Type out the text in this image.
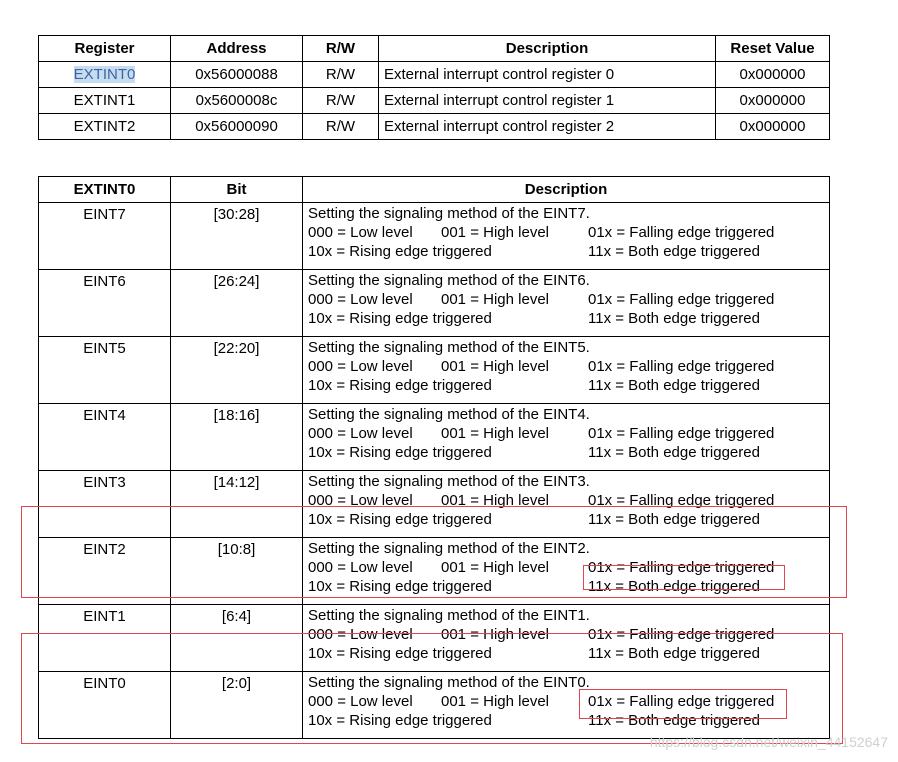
Register	Address	R/W	Description	Reset Value
EXTINT0	0x56000088	R/W	External interrupt control register 0	0x000000
EXTINT1	0x5600008c	R/W	External interrupt control register 1	0x000000
EXTINT2	0x56000090	R/W	External interrupt control register 2	0x000000
EXTINT0	Bit	Description
EINT7	[30:28]	Setting the signaling method of the EINT7.
000 = Low level 001 = High level 01x = Falling edge triggered
10x = Rising edge triggered 11x = Both edge triggered

EINT6	[26:24]	Setting the signaling method of the EINT6.
000 = Low level 001 = High level 01x = Falling edge triggered
10x = Rising edge triggered 11x = Both edge triggered

EINT5	[22:20]	Setting the signaling method of the EINT5.
000 = Low level 001 = High level 01x = Falling edge triggered
10x = Rising edge triggered 11x = Both edge triggered

EINT4	[18:16]	Setting the signaling method of the EINT4.
000 = Low level 001 = High level 01x = Falling edge triggered
10x = Rising edge triggered 11x = Both edge triggered

EINT3	[14:12]	Setting the signaling method of the EINT3.
000 = Low level 001 = High level 01x = Falling edge triggered
10x = Rising edge triggered 11x = Both edge triggered

EINT2	[10:8]	Setting the signaling method of the EINT2.
000 = Low level 001 = High level 01x = Falling edge triggered
10x = Rising edge triggered 11x = Both edge triggered

EINT1	[6:4]	Setting the signaling method of the EINT1.
000 = Low level 001 = High level 01x = Falling edge triggered
10x = Rising edge triggered 11x = Both edge triggered

EINT0	[2:0]	Setting the signaling method of the EINT0.
000 = Low level 001 = High level 01x = Falling edge triggered
10x = Rising edge triggered 11x = Both edge triggered
https://blog.csdn.net/weixin_44152647
